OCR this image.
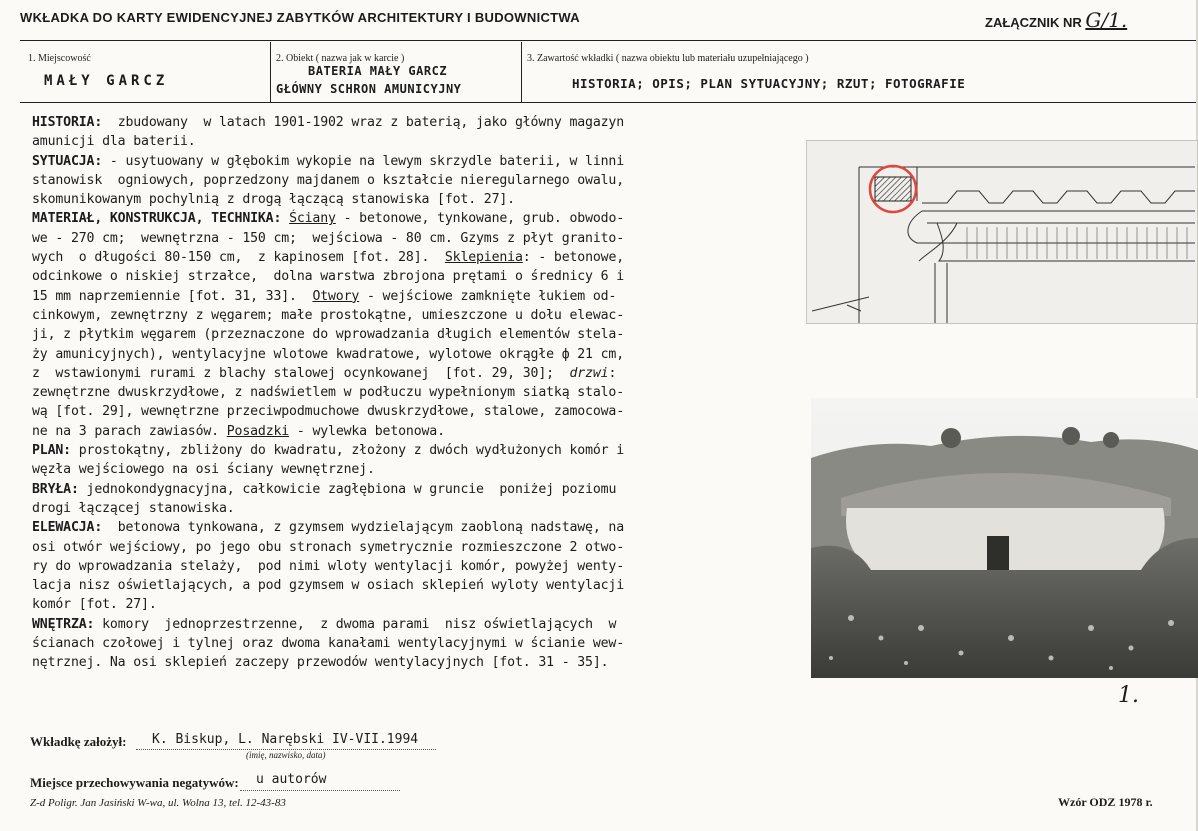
WKŁADKA DO KARTY EWIDENCYJNEJ ZABYTKÓW ARCHITEKTURY I BUDOWNICTWA	ZAŁĄCZNIK NR G/1.
1. Miejscowość
MAŁY GARCZ
2. Obiekt ( nazwa jak w karcie )
BATERIA MAŁY GARCZ
GŁÓWNY SCHRON AMUNICYJNY
3. Zawartość wkładki ( nazwa obiektu lub materiału uzupełniającego )
HISTORIA; OPIS; PLAN SYTUACYJNY; RZUT; FOTOGRAFIE
HISTORIA:  zbudowany  w latach 1901-1902 wraz z baterią, jako główny magazyn
amunicji dla baterii.
SYTUACJA: - usytuowany w głębokim wykopie na lewym skrzydle baterii, w linni
stanowisk  ogniowych, poprzedzony majdanem o kształcie nieregularnego owalu,
skomunikowanym pochylnią z drogą łączącą stanowiska [fot. 27].
MATERIAŁ, KONSTRUKCJA, TECHNIKA: Ściany - betonowe, tynkowane, grub. obwodo-
we - 270 cm;  wewnętrzna - 150 cm;  wejściowa - 80 cm. Gzyms z płyt granito-
wych  o długości 80-150 cm,  z kapinosem [fot. 28].  Sklepienia: - betonowe,
odcinkowe o niskiej strzałce,  dolna warstwa zbrojona prętami o średnicy 6 i
15 mm naprzemiennie [fot. 31, 33].  Otwory - wejściowe zamknięte łukiem od-
cinkowym, zewnętrzny z węgarem; małe prostokątne, umieszczone u dołu elewac-
ji, z płytkim węgarem (przeznaczone do wprowadzania długich elementów stela-
ży amunicyjnych), wentylacyjne wlotowe kwadratowe, wylotowe okrągłe ф 21 cm,
z  wstawionymi rurami z blachy stalowej ocynkowanej  [fot. 29, 30];  drzwi:
zewnętrzne dwuskrzydłowe, z nadświetlem w podłuczu wypełnionym siatką stalo-
wą [fot. 29], wewnętrzne przeciwpodmuchowe dwuskrzydłowe, stalowe, zamocowa-
ne na 3 parach zawiasów. Posadzki - wylewka betonowa.
PLAN: prostokątny, zbliżony do kwadratu, złożony z dwóch wydłużonych komór i
węzła wejściowego na osi ściany wewnętrznej.
BRYŁA: jednokondygnacyjna, całkowicie zagłębiona w gruncie  poniżej poziomu
drogi łączącej stanowiska.
ELEWACJA:  betonowa tynkowana, z gzymsem wydzielającym zaobloną nadstawę, na
osi otwór wejściowy, po jego obu stronach symetrycznie rozmieszczone 2 otwo-
ry do wprowadzania stelaży,  pod nimi wloty wentylacji komór, powyżej wenty-
lacja nisz oświetlających, a pod gzymsem w osiach sklepień wyloty wentylacji
komór [fot. 27].
WNĘTRZA: komory  jednoprzestrzenne,  z dwoma parami  nisz oświetlających  w
ścianach czołowej i tylnej oraz dwoma kanałami wentylacyjnymi w ścianie wew-
nętrznej. Na osi sklepień zaczepy przewodów wentylacyjnych [fot. 31 - 35].
1.
Wkładkę założył: K. Biskup, L. Narębski IV-VII.1994
(imię, nazwisko, data)
Miejsce przechowywania negatywów: u autorów
Z-d Poligr. Jan Jasiński W-wa, ul. Wolna 13, tel. 12-43-83	Wzór ODZ 1978 r.
